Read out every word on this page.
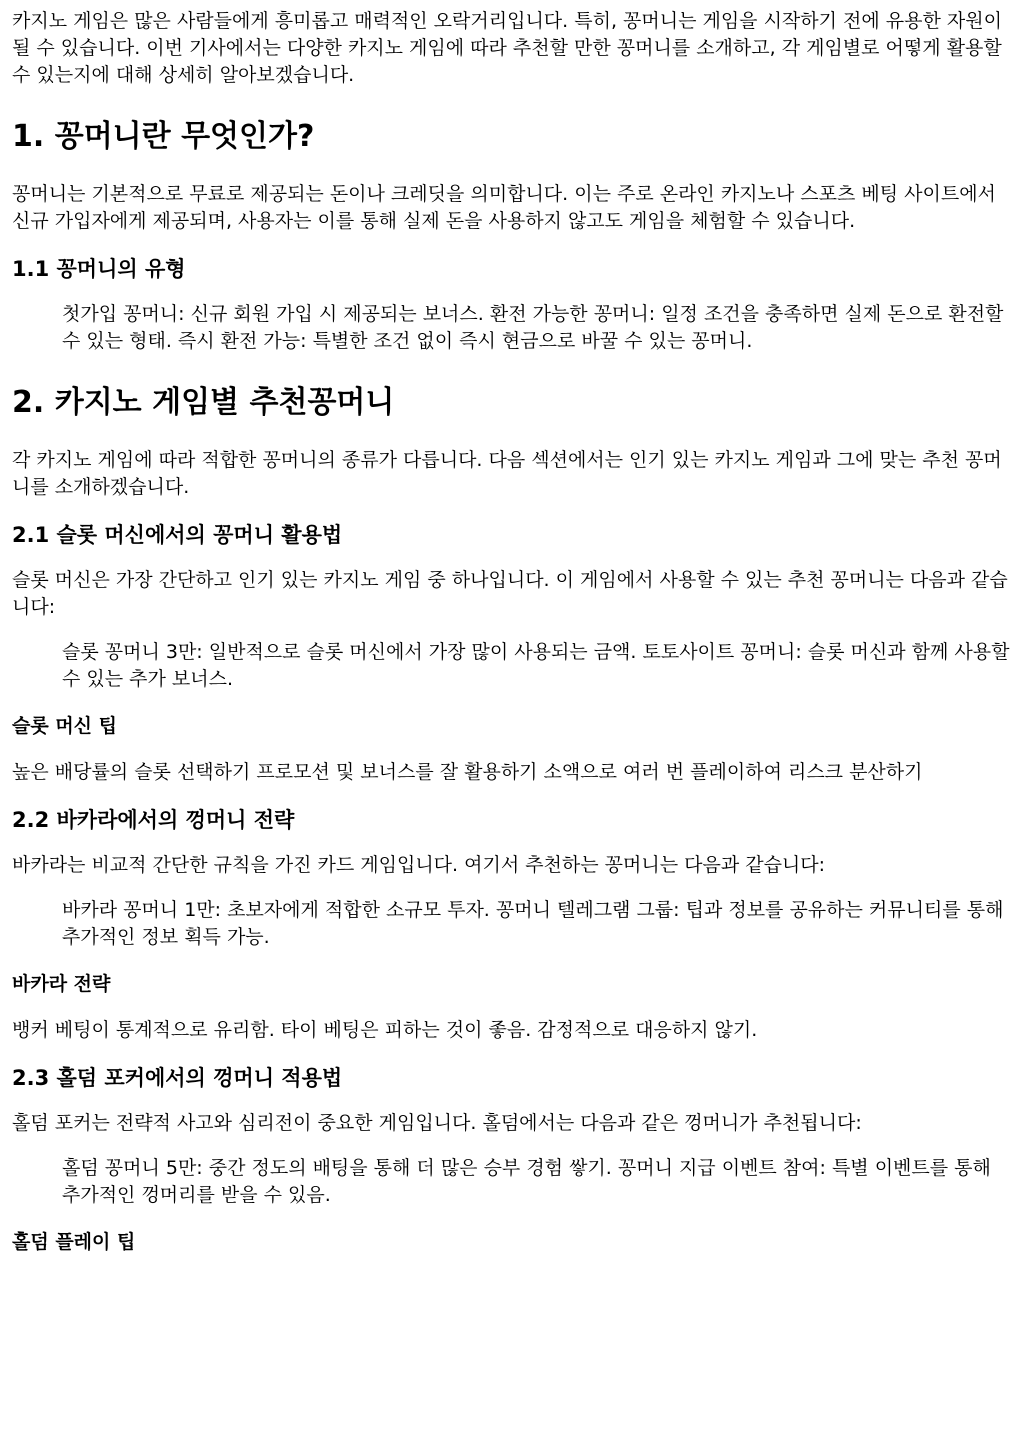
카지노 게임은 많은 사람들에게 흥미롭고 매력적인 오락거리입니다. 특히, 꽁머니는 게임을 시작하기 전에 유용한 자원이 될 수 있습니다. 이번 기사에서는 다양한 카지노 게임에 따라 추천할 만한 꽁머니를 소개하고, 각 게임별로 어떻게 활용할 수 있는지에 대해 상세히 알아보겠습니다.

1. 꽁머니란 무엇인가?

꽁머니는 기본적으로 무료로 제공되는 돈이나 크레딧을 의미합니다. 이는 주로 온라인 카지노나 스포츠 베팅 사이트에서 신규 가입자에게 제공되며, 사용자는 이를 통해 실제 돈을 사용하지 않고도 게임을 체험할 수 있습니다.

1.1 꽁머니의 유형
첫가입 꽁머니: 신규 회원 가입 시 제공되는 보너스. 환전 가능한 꽁머니: 일정 조건을 충족하면 실제 돈으로 환전할 수 있는 형태. 즉시 환전 가능: 특별한 조건 없이 즉시 현금으로 바꿀 수 있는 꽁머니.
2. 카지노 게임별 추천꽁머니

각 카지노 게임에 따라 적합한 꽁머니의 종류가 다릅니다. 다음 섹션에서는 인기 있는 카지노 게임과 그에 맞는 추천 꽁머니를 소개하겠습니다.

2.1 슬롯 머신에서의 꽁머니 활용법

슬롯 머신은 가장 간단하고 인기 있는 카지노 게임 중 하나입니다. 이 게임에서 사용할 수 있는 추천 꽁머니는 다음과 같습니다:

슬롯 꽁머니 3만: 일반적으로 슬롯 머신에서 가장 많이 사용되는 금액. 토토사이트 꽁머니: 슬롯 머신과 함께 사용할 수 있는 추가 보너스.
슬롯 머신 팁

높은 배당률의 슬롯 선택하기 프로모션 및 보너스를 잘 활용하기 소액으로 여러 번 플레이하여 리스크 분산하기

2.2 바카라에서의 껑머니 전략

바카라는 비교적 간단한 규칙을 가진 카드 게임입니다. 여기서 추천하는 꽁머니는 다음과 같습니다:

바카라 꽁머니 1만: 초보자에게 적합한 소규모 투자. 꽁머니 텔레그램 그룹: 팁과 정보를 공유하는 커뮤니티를 통해 추가적인 정보 획득 가능.
바카라 전략

뱅커 베팅이 통계적으로 유리함. 타이 베팅은 피하는 것이 좋음. 감정적으로 대응하지 않기.

2.3 홀덤 포커에서의 껑머니 적용법

홀덤 포커는 전략적 사고와 심리전이 중요한 게임입니다. 홀덤에서는 다음과 같은 껑머니가 추천됩니다:

홀덤 꽁머니 5만: 중간 정도의 배팅을 통해 더 많은 승부 경험 쌓기. 꽁머니 지급 이벤트 참여: 특별 이벤트를 통해 추가적인 껑머리를 받을 수 있음.
홀덤 플레이 팁
